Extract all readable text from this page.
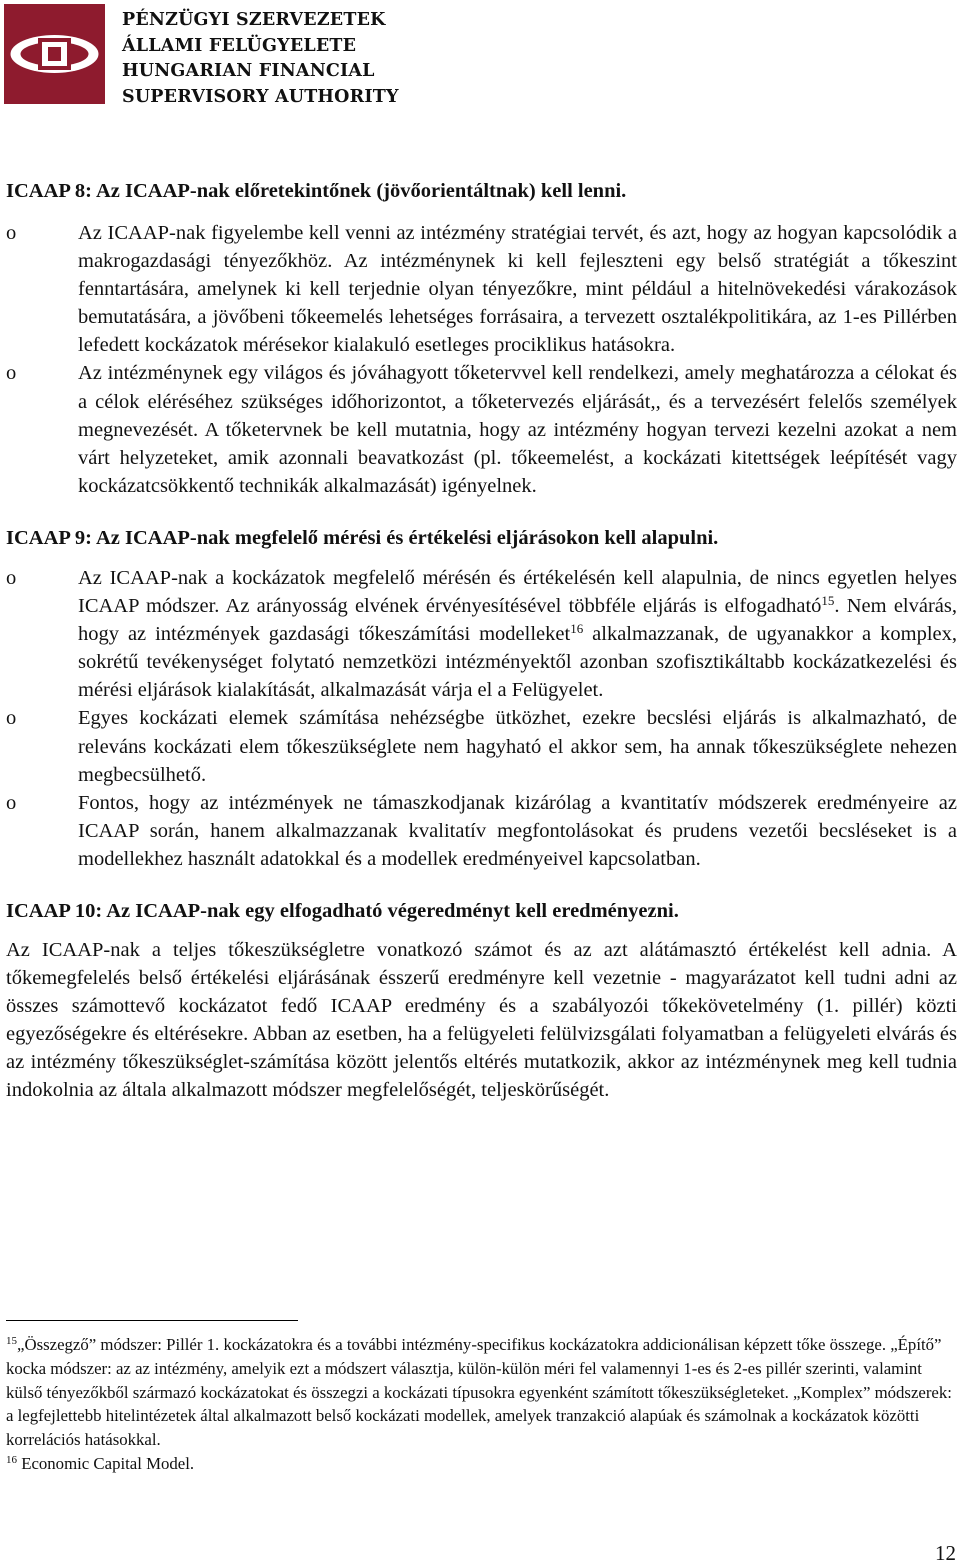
PÉNZÜGYI SZERVEZETEK
ÁLLAMI FELÜGYELETE
HUNGARIAN FINANCIAL
SUPERVISORY AUTHORITY

ICAAP 8: Az ICAAP-nak előretekintőnek (jövőorientáltnak) kell lenni.

o	Az ICAAP-nak figyelembe kell venni az intézmény stratégiai tervét, és azt, hogy az hogyan kapcsolódik a makrogazdasági tényezőkhöz. Az intézménynek ki kell fejleszteni egy belső stratégiát a tőkeszint fenntartására, amelynek ki kell terjednie olyan tényezőkre, mint például a hitelnövekedési várakozások bemutatására, a jövőbeni tőkeemelés lehetséges forrásaira, a tervezett osztalékpolitikára, az 1-es Pillérben lefedett kockázatok mérésekor kialakuló esetleges prociklikus hatásokra.
o	Az intézménynek egy világos és jóváhagyott tőketervvel kell rendelkezi, amely meghatározza a célokat és a célok eléréséhez szükséges időhorizontot, a tőketervezés eljárását,, és a tervezésért felelős személyek megnevezését. A tőketervnek be kell mutatnia, hogy az intézmény hogyan tervezi kezelni azokat a nem várt helyzeteket, amik azonnali beavatkozást (pl. tőkeemelést, a kockázati kitettségek leépítését vagy kockázatcsökkentő technikák alkalmazását) igényelnek.

ICAAP 9: Az ICAAP-nak megfelelő mérési és értékelési eljárásokon kell alapulni.

o	Az ICAAP-nak a kockázatok megfelelő mérésén és értékelésén kell alapulnia, de nincs egyetlen helyes ICAAP módszer. Az arányosság elvének érvényesítésével többféle eljárás is elfogadható$^{15}$. Nem elvárás, hogy az intézmények gazdasági tőkeszámítási modelleket$^{16}$ alkalmazzanak, de ugyanakkor a komplex, sokrétű tevékenységet folytató nemzetközi intézményektől azonban szofisztikáltabb kockázatkezelési és mérési eljárások kialakítását, alkalmazását várja el a Felügyelet.
o	Egyes kockázati elemek számítása nehézségbe ütközhet, ezekre becslési eljárás is alkalmazható, de releváns kockázati elem tőkeszükséglete nem hagyható el akkor sem, ha annak tőkeszükséglete nehezen megbecsülhető.
o	Fontos, hogy az intézmények ne támaszkodjanak kizárólag a kvantitatív módszerek eredményeire az ICAAP során, hanem alkalmazzanak kvalitatív megfontolásokat és prudens vezetői becsléseket is a modellekhez használt adatokkal és a modellek eredményeivel kapcsolatban.

ICAAP 10: Az ICAAP-nak egy elfogadható végeredményt kell eredményezni.

Az ICAAP-nak a teljes tőkeszükségletre vonatkozó számot és az azt alátámasztó értékelést kell adnia. A tőkemegfelelés belső értékelési eljárásának ésszerű eredményre kell vezetnie - magyarázatot kell tudni adni az összes számottevő kockázatot fedő ICAAP eredmény és a szabályozói tőkekövetelmény (1. pillér) közti egyezőségekre és eltérésekre. Abban az esetben, ha a felügyeleti felülvizsgálati folyamatban a felügyeleti elvárás és az intézmény tőkeszükséglet-számítása között jelentős eltérés mutatkozik, akkor az intézménynek meg kell tudnia indokolnia az általa alkalmazott módszer megfelelőségét, teljeskörűségét.

$^{15}$„Összegző” módszer: Pillér 1. kockázatokra és a további intézmény-specifikus kockázatokra addicionálisan képzett tőke összege. „Építő” kocka módszer: az az intézmény, amelyik ezt a módszert választja, külön-külön méri fel valamennyi 1-es és 2-es pillér szerinti, valamint külső tényezőkből származó kockázatokat és összegzi a kockázati típusokra egyenként számított tőkeszükségleteket. „Komplex” módszerek: a legfejlettebb hitelintézetek által alkalmazott belső kockázati modellek, amelyek tranzakció alapúak és számolnak a kockázatok közötti korrelációs hatásokkal.

$^{16}$ Economic Capital Model.

12
